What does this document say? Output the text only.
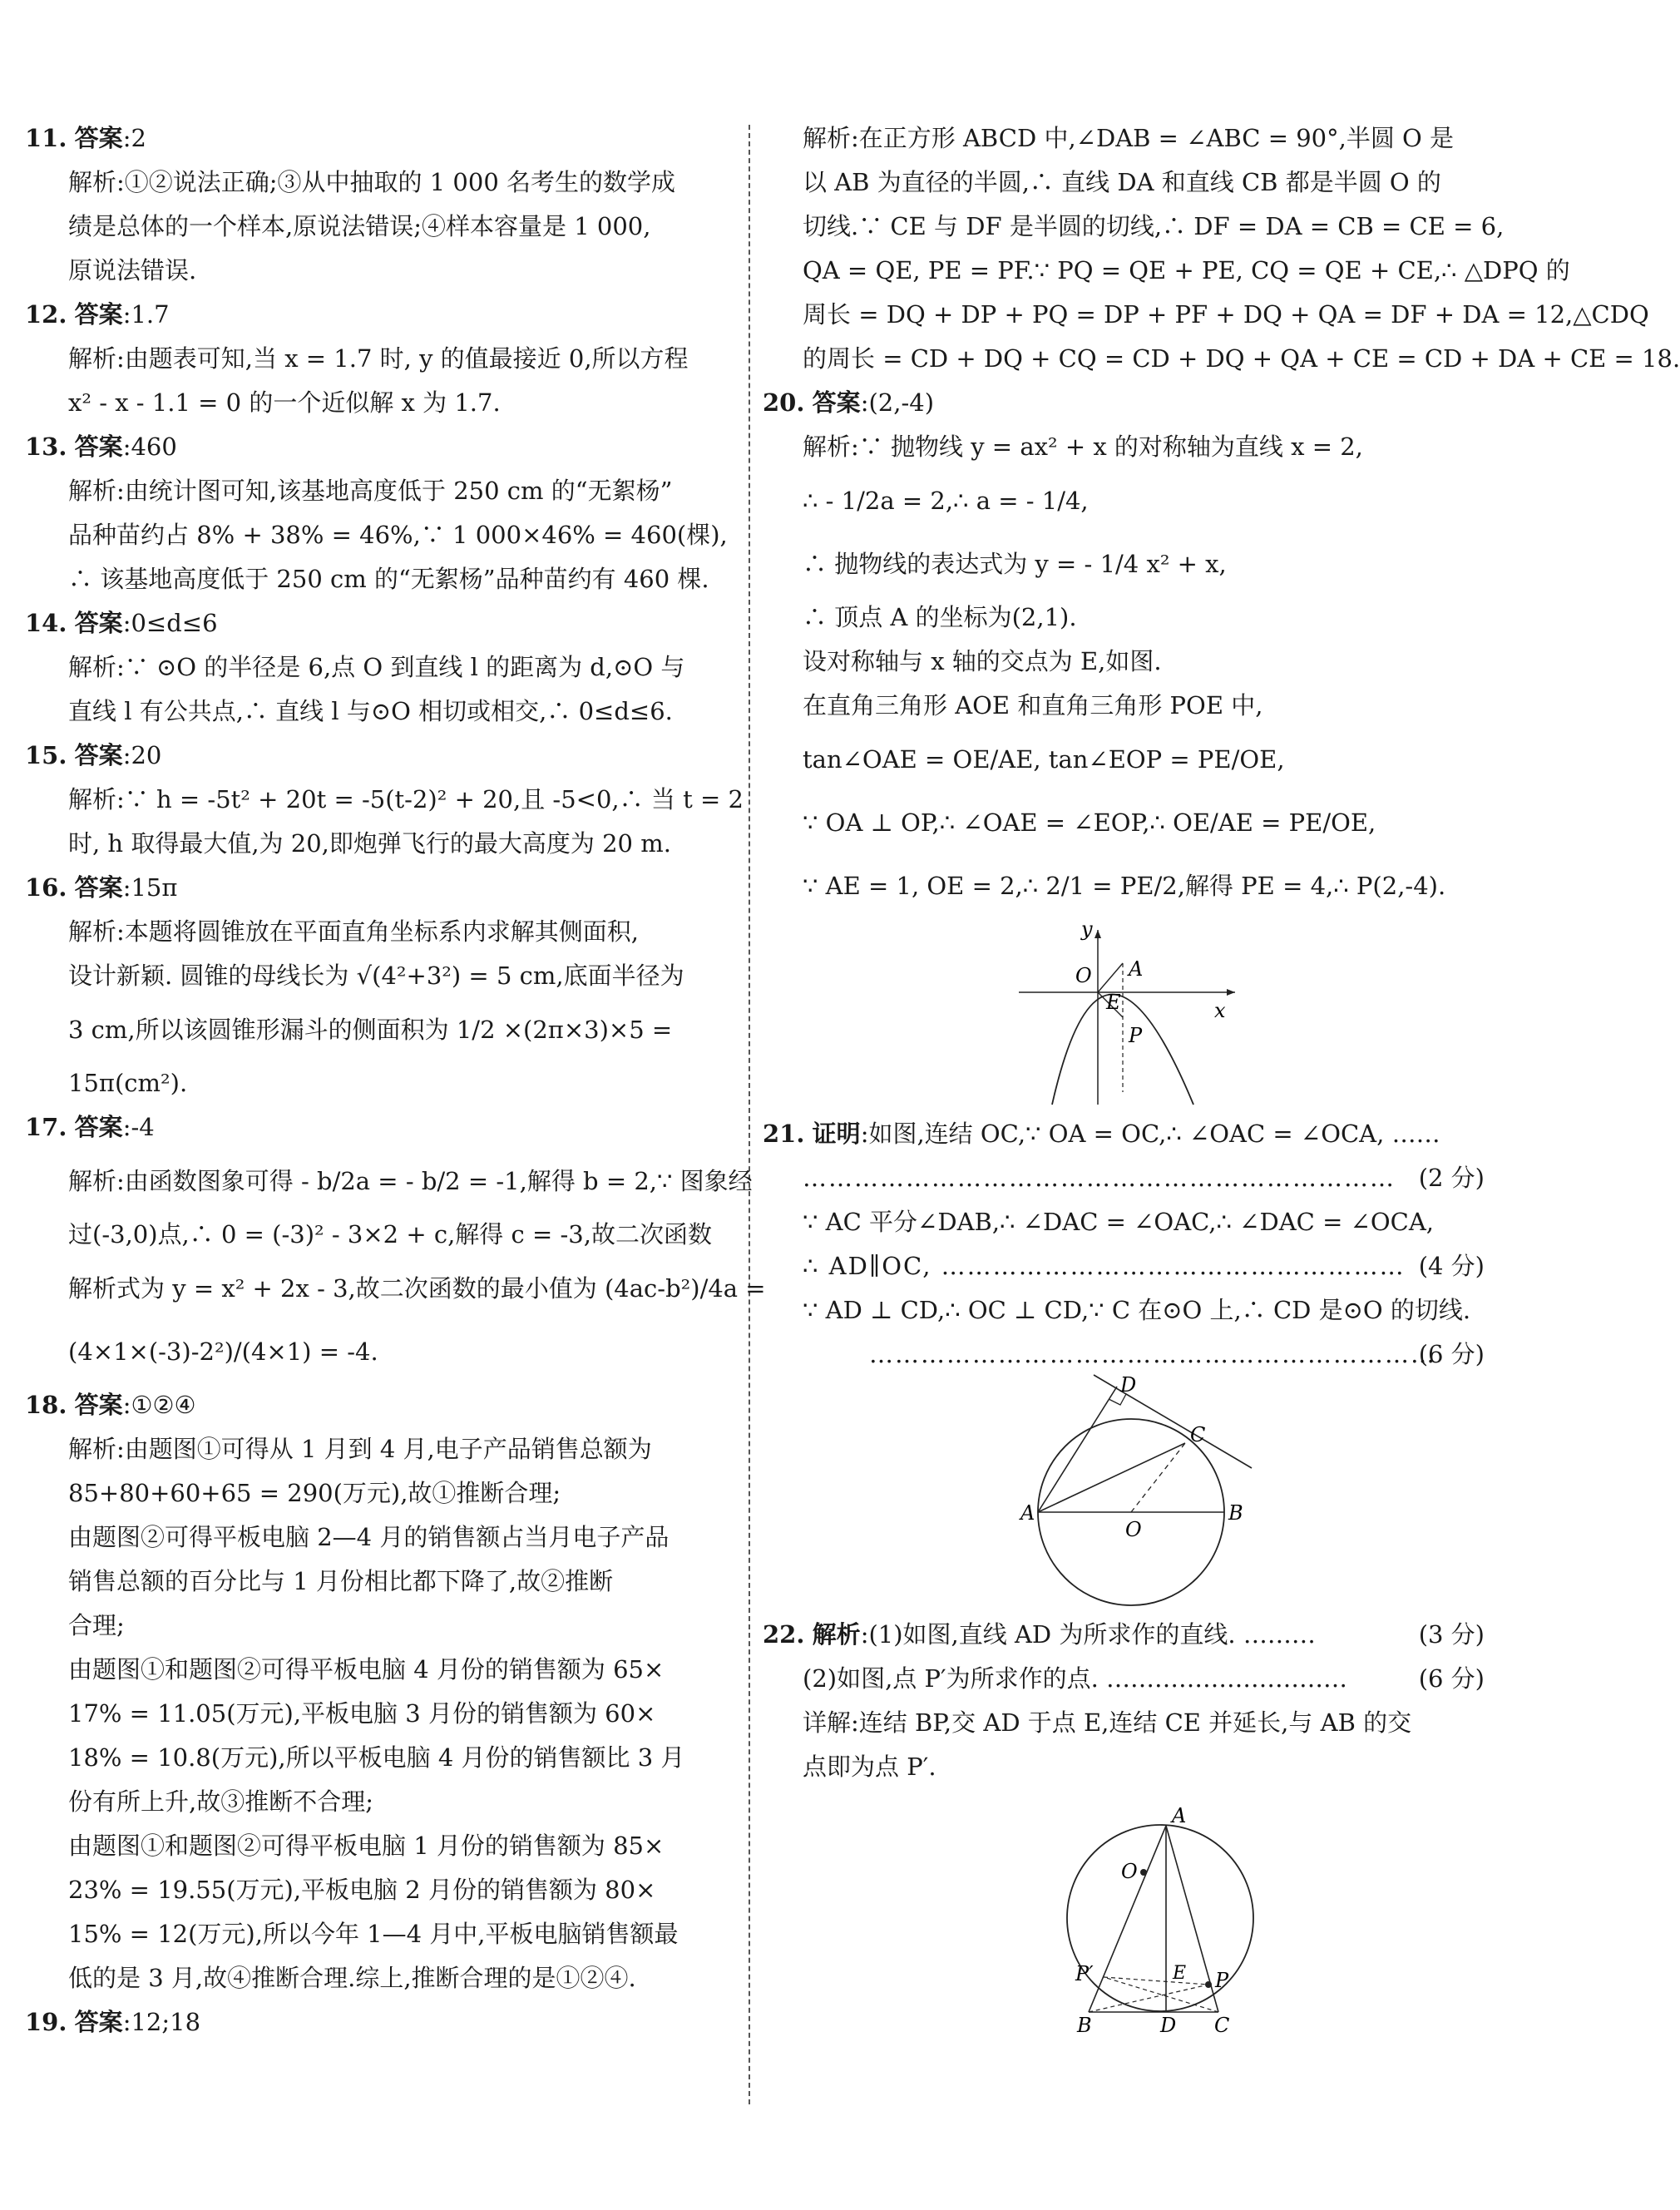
11. 答案:2
解析:①②说法正确;③从中抽取的 1 000 名考生的数学成
绩是总体的一个样本,原说法错误;④样本容量是 1 000,
原说法错误.
12. 答案:1.7
解析:由题表可知,当 x = 1.7 时, y 的值最接近 0,所以方程
x² - x - 1.1 = 0 的一个近似解 x 为 1.7.
13. 答案:460
解析:由统计图可知,该基地高度低于 250 cm 的“无絮杨”
品种苗约占 8% + 38% = 46%,∵ 1 000×46% = 460(棵),
∴ 该基地高度低于 250 cm 的“无絮杨”品种苗约有 460 棵.
14. 答案:0≤d≤6
解析:∵ ⊙O 的半径是 6,点 O 到直线 l 的距离为 d,⊙O 与
直线 l 有公共点,∴ 直线 l 与⊙O 相切或相交,∴ 0≤d≤6.
15. 答案:20
解析:∵ h = -5t² + 20t = -5(t-2)² + 20,且 -5<0,∴ 当 t = 2
时, h 取得最大值,为 20,即炮弹飞行的最大高度为 20 m.
16. 答案:15π
解析:本题将圆锥放在平面直角坐标系内求解其侧面积,
设计新颖. 圆锥的母线长为 √(4²+3²) = 5 cm,底面半径为
3 cm,所以该圆锥形漏斗的侧面积为 1/2 ×(2π×3)×5 =
15π(cm²).
17. 答案:-4
解析:由函数图象可得 - b/2a = - b/2 = -1,解得 b = 2,∵ 图象经
过(-3,0)点,∴ 0 = (-3)² - 3×2 + c,解得 c = -3,故二次函数
解析式为 y = x² + 2x - 3,故二次函数的最小值为 (4ac-b²)/4a =
(4×1×(-3)-2²)/(4×1) = -4.
18. 答案:①②④
解析:由题图①可得从 1 月到 4 月,电子产品销售总额为
85+80+60+65 = 290(万元),故①推断合理;
由题图②可得平板电脑 2—4 月的销售额占当月电子产品
销售总额的百分比与 1 月份相比都下降了,故②推断
合理;
由题图①和题图②可得平板电脑 4 月份的销售额为 65×
17% = 11.05(万元),平板电脑 3 月份的销售额为 60×
18% = 10.8(万元),所以平板电脑 4 月份的销售额比 3 月
份有所上升,故③推断不合理;
由题图①和题图②可得平板电脑 1 月份的销售额为 85×
23% = 19.55(万元),平板电脑 2 月份的销售额为 80×
15% = 12(万元),所以今年 1—4 月中,平板电脑销售额最
低的是 3 月,故④推断合理.综上,推断合理的是①②④.
19. 答案:12;18
解析:在正方形 ABCD 中,∠DAB = ∠ABC = 90°,半圆 O 是
以 AB 为直径的半圆,∴ 直线 DA 和直线 CB 都是半圆 O 的
切线.∵ CE 与 DF 是半圆的切线,∴ DF = DA = CB = CE = 6,
QA = QE, PE = PF.∵ PQ = QE + PE, CQ = QE + CE,∴ △DPQ 的
周长 = DQ + DP + PQ = DP + PF + DQ + QA = DF + DA = 12,△CDQ
的周长 = CD + DQ + CQ = CD + DQ + QA + CE = CD + DA + CE = 18.
20. 答案:(2,-4)
解析:∵ 抛物线 y = ax² + x 的对称轴为直线 x = 2,
∴ - 1/2a = 2,∴ a = - 1/4,
∴ 抛物线的表达式为 y = - 1/4 x² + x,
∴ 顶点 A 的坐标为(2,1).
设对称轴与 x 轴的交点为 E,如图.
在直角三角形 AOE 和直角三角形 POE 中,
tan∠OAE = OE/AE, tan∠EOP = PE/OE,
∵ OA ⊥ OP,∴ ∠OAE = ∠EOP,∴ OE/AE = PE/OE,
∵ AE = 1, OE = 2,∴ 2/1 = PE/2,解得 PE = 4,∴ P(2,-4).
y
O A
E	x
P
21. 证明:如图,连结 OC,∵ OA = OC,∴ ∠OAC = ∠OCA, ……
…………………………………………………………… (2 分)
∵ AC 平分∠DAB,∴ ∠DAC = ∠OAC,∴ ∠DAC = ∠OCA,
∴ AD∥OC, ……………………………………………… (4 分)
∵ AD ⊥ CD,∴ OC ⊥ CD,∵ C 在⊙O 上,∴ CD 是⊙O 的切线.
…………………………………………………………
(6 分)
D
C
A
O
B
22. 解析:(1)如图,直线 AD 为所求作的直线. ………	(3 分)
(2)如图,点 P′为所求作的点. …………………………	(6 分)
详解:连结 BP,交 AD 于点 E,连结 CE 并延长,与 AB 的交
点即为点 P′.
A
O
P′	E P
B	D C
